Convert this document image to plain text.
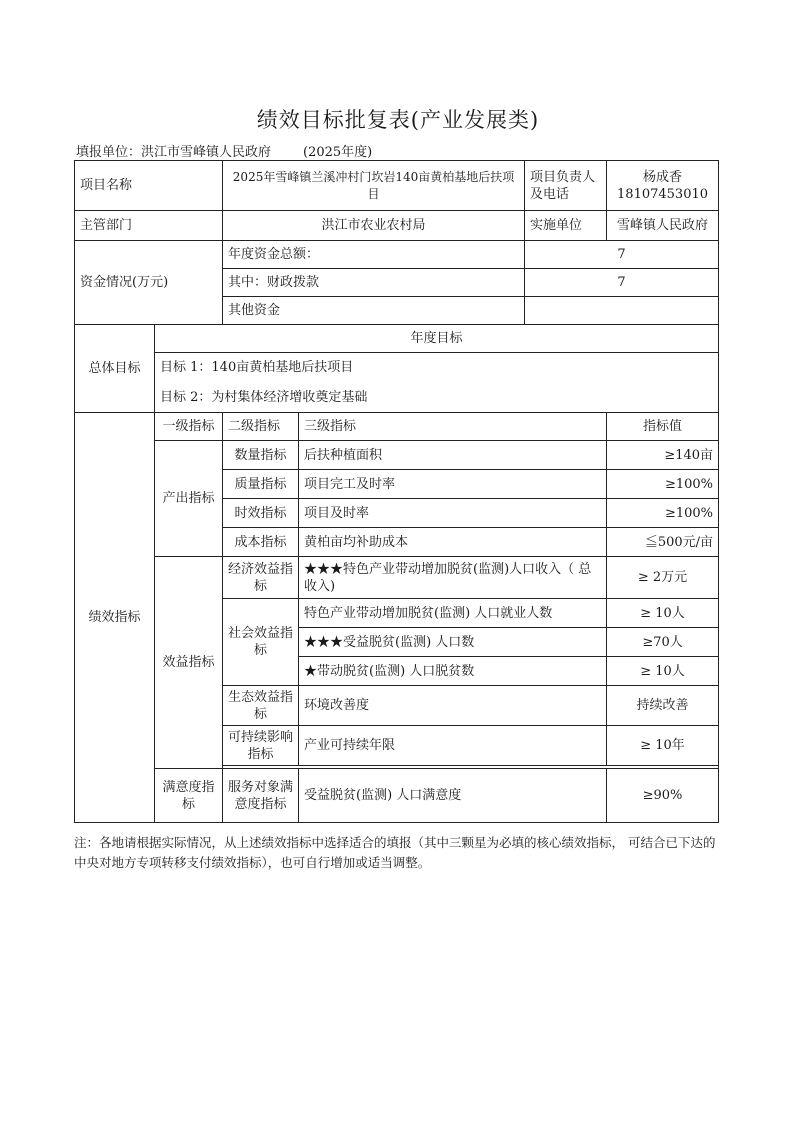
绩效目标批复表(产业发展类)
填报单位：洪江市雪峰镇人民政府 (2025年度)
项目名称		2025年雪峰镇兰溪冲村门坎岩140亩黄柏基地后扶项目		项目负责人及电话	杨成香
18107453010

主管部门		洪江市农业农村局		实施单位	雪峰镇人民政府
资金情况(万元)		年度资金总额：		7	
		其中：财政拨款		7	
		其他资金			
总体目标	年度目标				
	目标 1：140亩黄柏基地后扶项目				
	目标 2：为村集体经济增收奠定基础				
绩效指标	一级指标	二级指标	三级指标		指标值
	产出指标	数量指标	后扶种植面积		≥140亩
		质量指标	项目完工及时率		≥100%
		时效指标	项目及时率		≥100%
		成本指标	黄柏亩均补助成本		≦500元/亩
	效益指标	经济效益指标	★★★特色产业带动增加脱贫(监测)人口收入（ 总收入)		≥ 2万元
		社会效益指标	特色产业带动增加脱贫(监测) 人口就业人数		≥ 10人
			★★★受益脱贫(监测) 人口数		≥70人
			★带动脱贫(监测) 人口脱贫数		≥ 10人
		生态效益指标	环境改善度		持续改善
		可持续影响指标	产业可持续年限		≥ 10年

	满意度指标	服务对象满意度指标	受益脱贫(监测) 人口满意度		≥90%
注：各地请根据实际情况，从上述绩效指标中选择适合的填报（其中三颗星为必填的核心绩效指标， 可结合已下达的中央对地方专项转移支付绩效指标），也可自行增加或适当调整。
